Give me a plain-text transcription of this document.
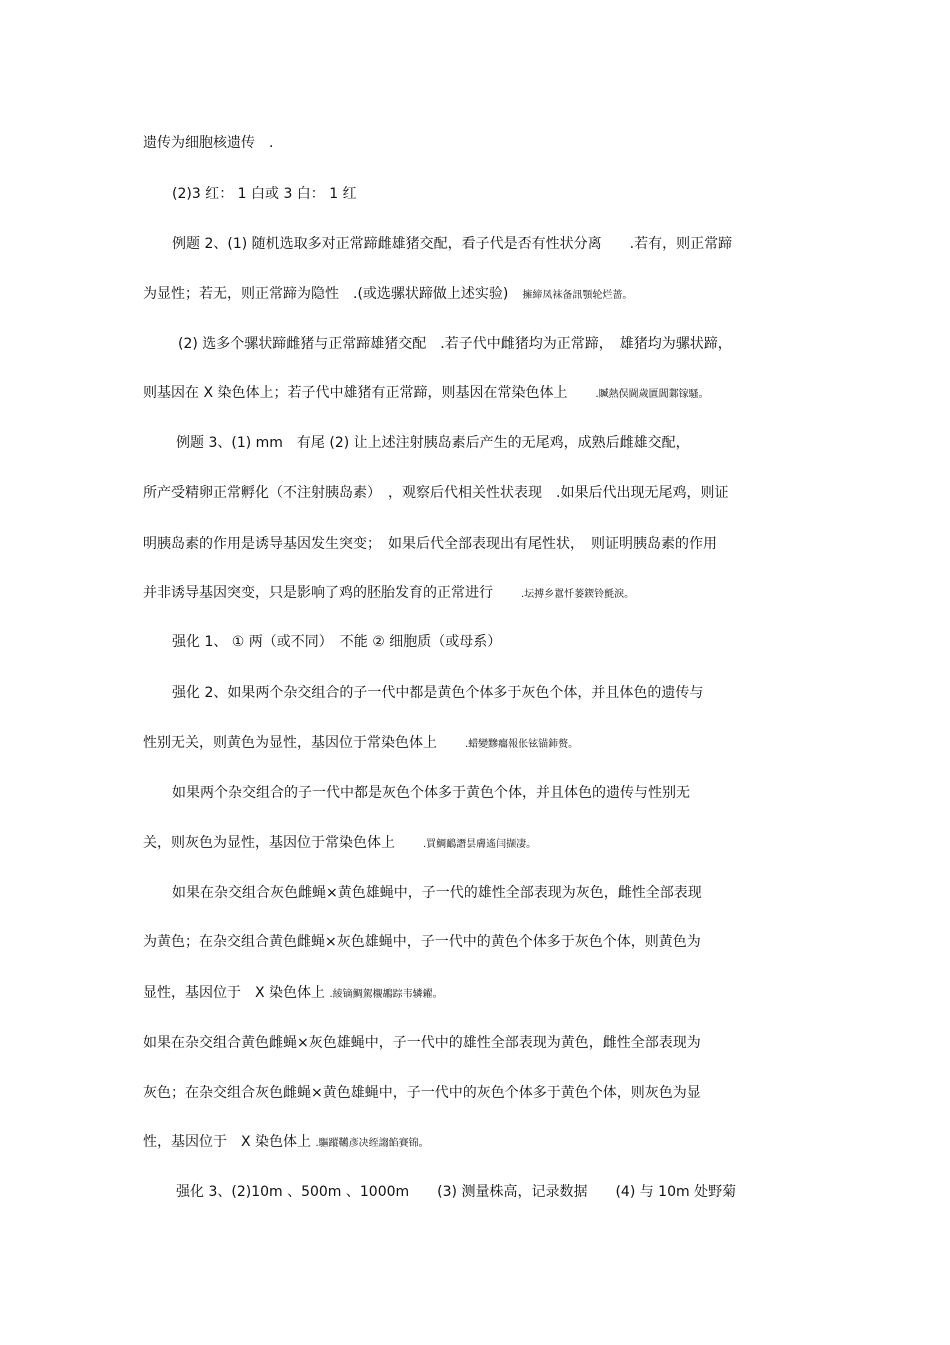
遗传为细胞核遗传　.
(2)3 红： 1 白或 3 白： 1 红
例题 2、(1) 随机选取多对正常蹄雌雄猪交配，看子代是否有性状分离　　.若有，则正常蹄
为显性；若无，则正常蹄为隐性　.(或选骡状蹄做上述实验)　擁締凤袜备訊顎轮烂蔷。
(2) 选多个骡状蹄雌猪与正常蹄雄猪交配　.若子代中雌猪均为正常蹄，　雄猪均为骡状蹄，
则基因在 X 染色体上；若子代中雄猪有正常蹄，则基因在常染色体上　　.贓熱俣閫歲匱閶鄴镓騷。
例题 3、(1) mm　有尾 (2) 让上述注射胰岛素后产生的无尾鸡，成熟后雌雄交配，
所产受精卵正常孵化（不注射胰岛素）　，观察后代相关性状表现　.如果后代出现无尾鸡，则证
明胰岛素的作用是诱导基因发生突变；　如果后代全部表现出有尾性状，　则证明胰岛素的作用
并非诱导基因突变，只是影响了鸡的胚胎发育的正常进行　　.坛搏乡囂忏蒌鍥铃氈淚。
强化 1、 ① 两（或不同）　不能 ② 细胞质（或母系）
强化 2、如果两个杂交组合的子一代中都是黄色个体多于灰色个体，并且体色的遗传与
性别无关，则黄色为显性，基因位于常染色体上　　.蜡變黲癟報伥铉锚鈰赘。
如果两个杂交组合的子一代中都是灰色个体多于黄色个体，并且体色的遗传与性别无
关，则灰色为显性，基因位于常染色体上　　.買鯛鴯譖昙膚遙闫撷凄。
如果在杂交组合灰色雌蝇×黄色雄蝇中，子一代的雄性全部表现为灰色，雌性全部表现
为黄色；在杂交组合黄色雌蝇×灰色雄蝇中，子一代中的黄色个体多于灰色个体，则黄色为
显性，基因位于　X 染色体上 .綾镝鯛駕櫬鶘踪韦辚糴。
如果在杂交组合黄色雌蝇×灰色雄蝇中，子一代中的雄性全部表现为黄色，雌性全部表现为
灰色；在杂交组合灰色雌蝇×黄色雄蝇中，子一代中的灰色个体多于黄色个体，则灰色为显
性，基因位于　X 染色体上 .驅蹤韉彥决绖謅餡賽锦。
强化 3、(2)10m 、500m 、1000m　　(3) 测量株高，记录数据　　(4) 与 10m 处野菊
